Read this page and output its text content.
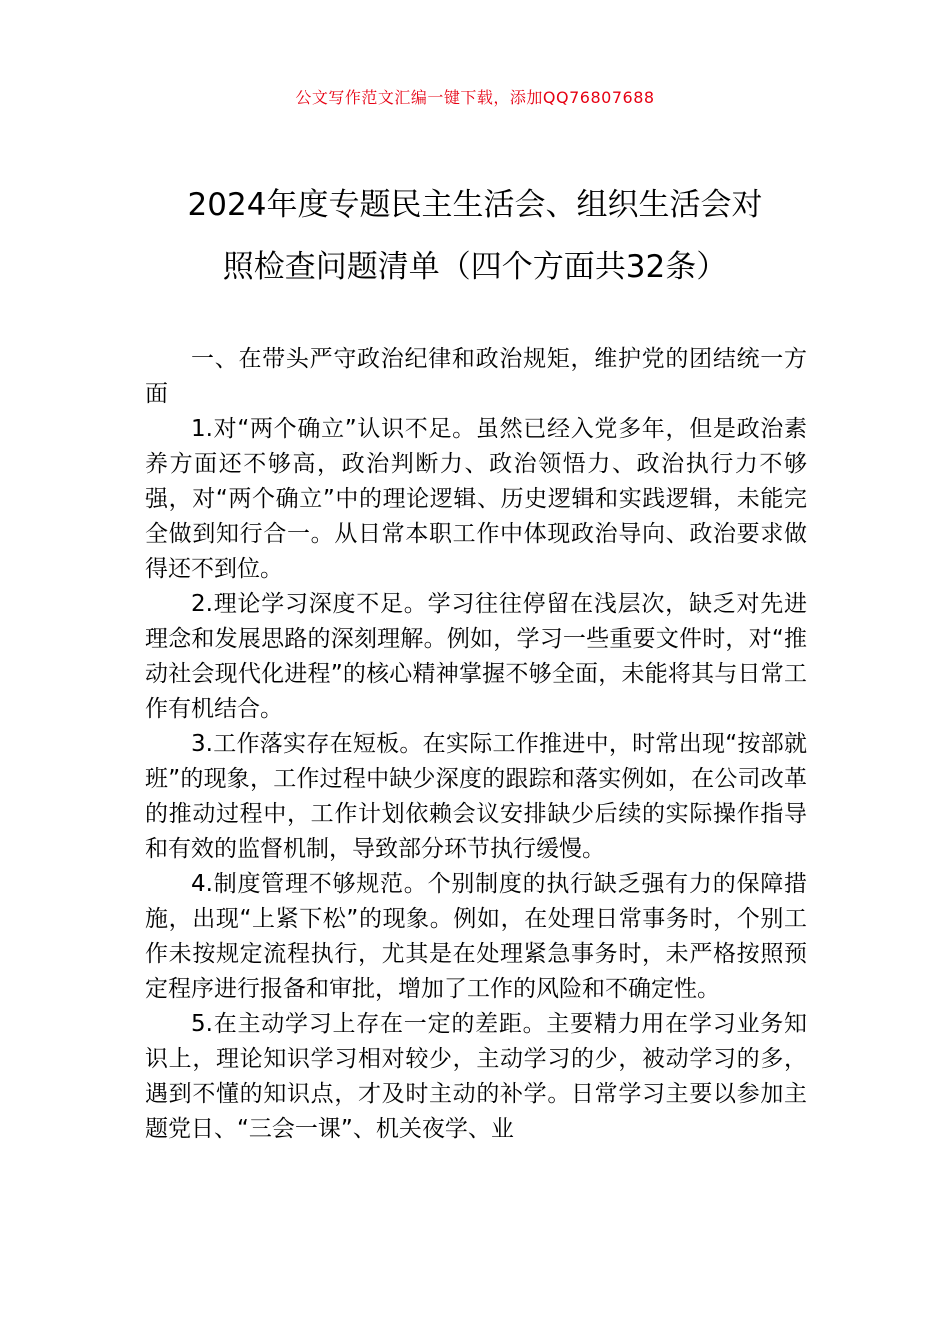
公文写作范文汇编一键下载，添加QQ76807688
2024年度专题民主生活会、组织生活会对
照检查问题清单（四个方面共32条）

一、在带头严守政治纪律和政治规矩，维护党的团结统一方面

1.对“两个确立”认识不足。虽然已经入党多年，但是政治素养方面还不够高，政治判断力、政治领悟力、政治执行力不够强，对“两个确立”中的理论逻辑、历史逻辑和实践逻辑，未能完全做到知行合一。从日常本职工作中体现政治导向、政治要求做得还不到位。

2.理论学习深度不足。学习往往停留在浅层次，缺乏对先进理念和发展思路的深刻理解。例如，学习一些重要文件时，对“推动社会现代化进程”的核心精神掌握不够全面，未能将其与日常工作有机结合。

3.工作落实存在短板。在实际工作推进中，时常出现“按部就班”的现象，工作过程中缺少深度的跟踪和落实例如，在公司改革的推动过程中，工作计划依赖会议安排缺少后续的实际操作指导和有效的监督机制，导致部分环节执行缓慢。

4.制度管理不够规范。个别制度的执行缺乏强有力的保障措施，出现“上紧下松”的现象。例如，在处理日常事务时，个别工作未按规定流程执行，尤其是在处理紧急事务时，未严格按照预定程序进行报备和审批，增加了工作的风险和不确定性。

5.在主动学习上存在一定的差距。主要精力用在学习业务知识上，理论知识学习相对较少，主动学习的少，被动学习的多，遇到不懂的知识点，才及时主动的补学。日常学习主要以参加主题党日、“三会一课”、机关夜学、业
